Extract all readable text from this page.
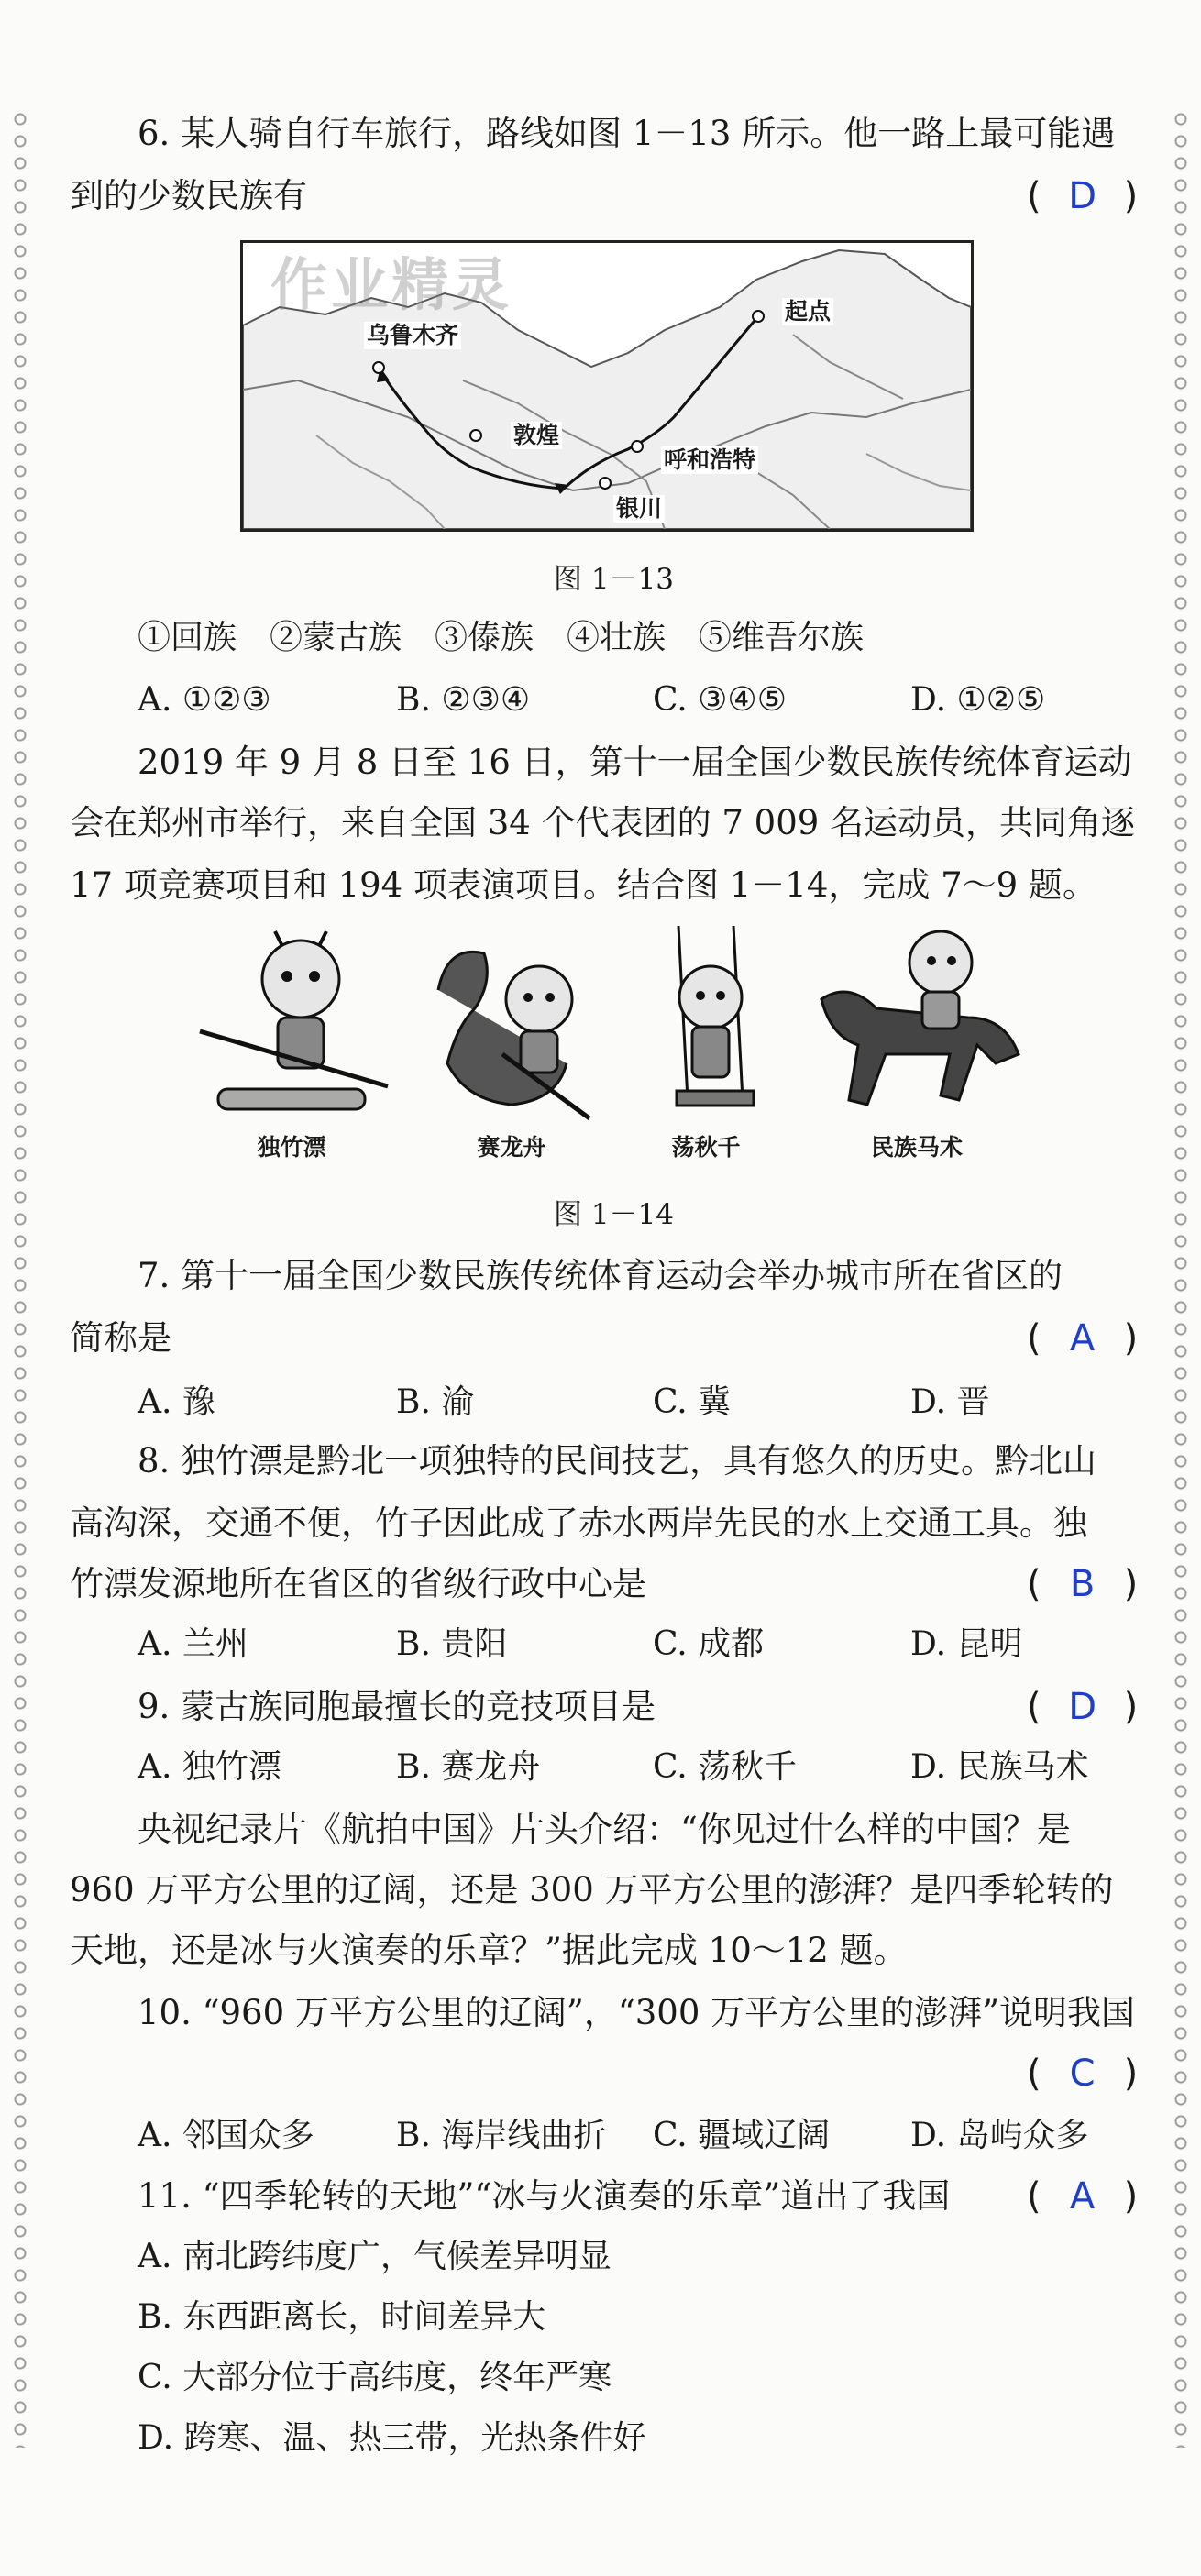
6. 某人骑自行车旅行，路线如图 1－13 所示。他一路上最可能遇
到的少数民族有	( D )
起点
乌鲁木齐
敦煌
呼和浩特
银川
作业精灵
图 1－13
①回族　②蒙古族　③傣族　④壮族　⑤维吾尔族
A. ①②③	B. ②③④	C. ③④⑤	D. ①②⑤
2019 年 9 月 8 日至 16 日，第十一届全国少数民族传统体育运动
会在郑州市举行，来自全国 34 个代表团的 7 009 名运动员，共同角逐
17 项竞赛项目和 194 项表演项目。结合图 1－14，完成 7～9 题。
独竹漂	赛龙舟	荡秋千	民族马术
图 1－14
7. 第十一届全国少数民族传统体育运动会举办城市所在省区的
简称是	( A )
A. 豫	B. 渝	C. 冀	D. 晋
8. 独竹漂是黔北一项独特的民间技艺，具有悠久的历史。黔北山
高沟深，交通不便，竹子因此成了赤水两岸先民的水上交通工具。独
竹漂发源地所在省区的省级行政中心是	( B )
A. 兰州	B. 贵阳	C. 成都	D. 昆明
9. 蒙古族同胞最擅长的竞技项目是	( D )
A. 独竹漂	B. 赛龙舟	C. 荡秋千	D. 民族马术
央视纪录片《航拍中国》片头介绍：“你见过什么样的中国？是
960 万平方公里的辽阔，还是 300 万平方公里的澎湃？是四季轮转的
天地，还是冰与火演奏的乐章？”据此完成 10～12 题。
10. “960 万平方公里的辽阔”，“300 万平方公里的澎湃”说明我国
( C )
A. 邻国众多 B. 海岸线曲折 C. 疆域辽阔 D. 岛屿众多
11. “四季轮转的天地”“冰与火演奏的乐章”道出了我国 ( A )
A. 南北跨纬度广，气候差异明显
B. 东西距离长，时间差异大
C. 大部分位于高纬度，终年严寒
D. 跨寒、温、热三带，光热条件好
